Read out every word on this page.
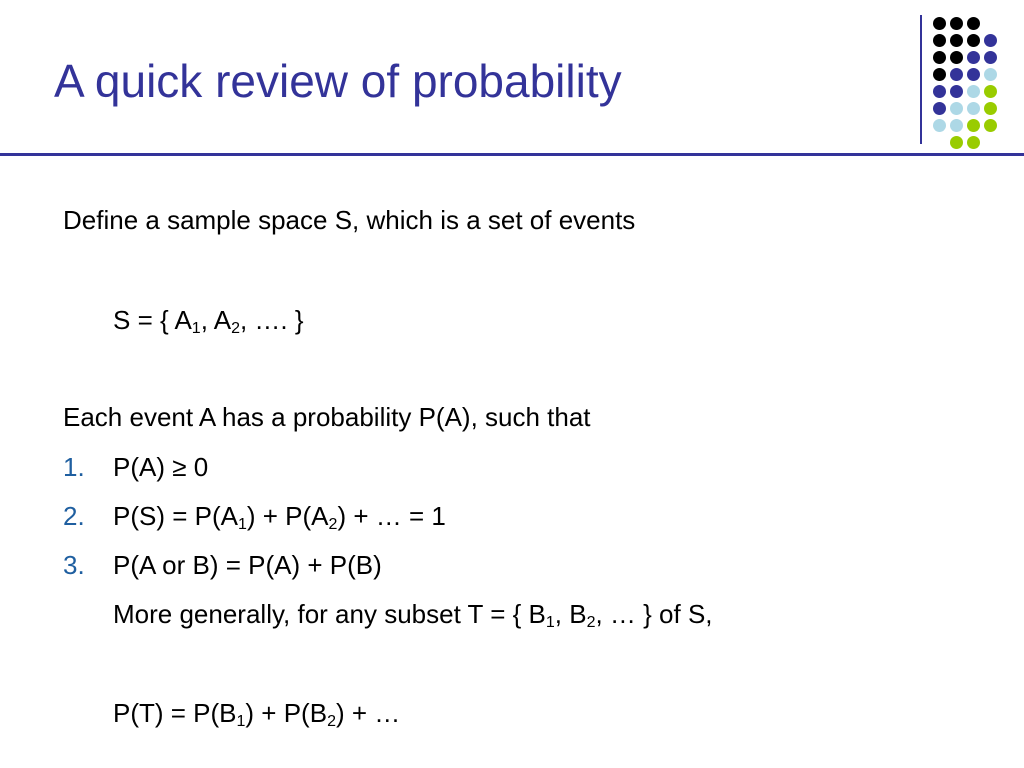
A quick review of probability
Define a sample space S, which is a set of events
S = { $A_1$, $A_2$, …. }
Each event A has a probability P(A), such that
1. P(A) ≥ 0
2. $P(S) = P(A_1) + P(A_2)$ + … = 1
3. P(A or B) = P(A) + P(B)
More generally, for any subset T = { $B_1$, $B_2$, … } of S,
$P(T) = P(B_1) + P(B_2)$ + …
